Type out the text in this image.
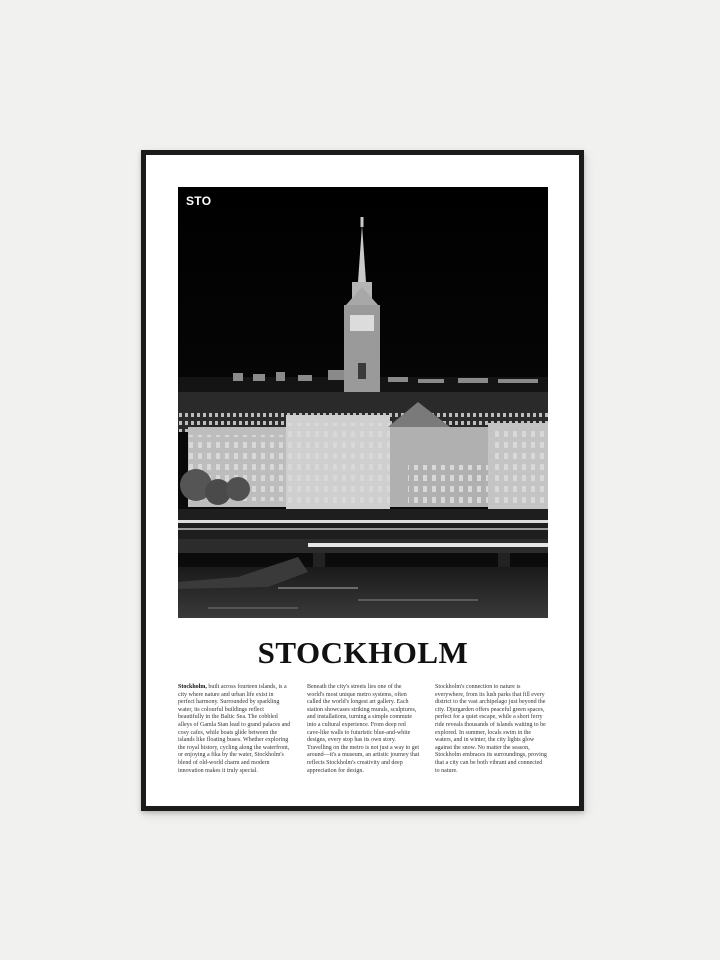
STO
STOCKHOLM
Stockholm, built across fourteen islands, is a city where nature and urban life exist in perfect harmony. Surrounded by sparkling water, its colourful buildings reflect beautifully in the Baltic Sea. The cobbled alleys of Gamla Stan lead to grand palaces and cosy cafes, while boats glide between the islands like floating buses. Whether exploring the royal history, cycling along the waterfront, or enjoying a fika by the water, Stockholm's blend of old-world charm and modern innovation makes it truly special.
Beneath the city's streets lies one of the world's most unique metro systems, often called the world's longest art gallery. Each station showcases striking murals, sculptures, and installations, turning a simple commute into a cultural experience. From deep red cave-like walls to futuristic blue-and-white designs, every stop has its own story. Travelling on the metro is not just a way to get around—it's a museum, an artistic journey that reflects Stockholm's creativity and deep appreciation for design.
Stockholm's connection to nature is everywhere, from its lush parks that fill every district to the vast archipelago just beyond the city. Djurgarden offers peaceful green spaces, perfect for a quiet escape, while a short ferry ride reveals thousands of islands waiting to be explored. In summer, locals swim in the waters, and in winter, the city lights glow against the snow. No matter the season, Stockholm embraces its surroundings, proving that a city can be both vibrant and connected to nature.
